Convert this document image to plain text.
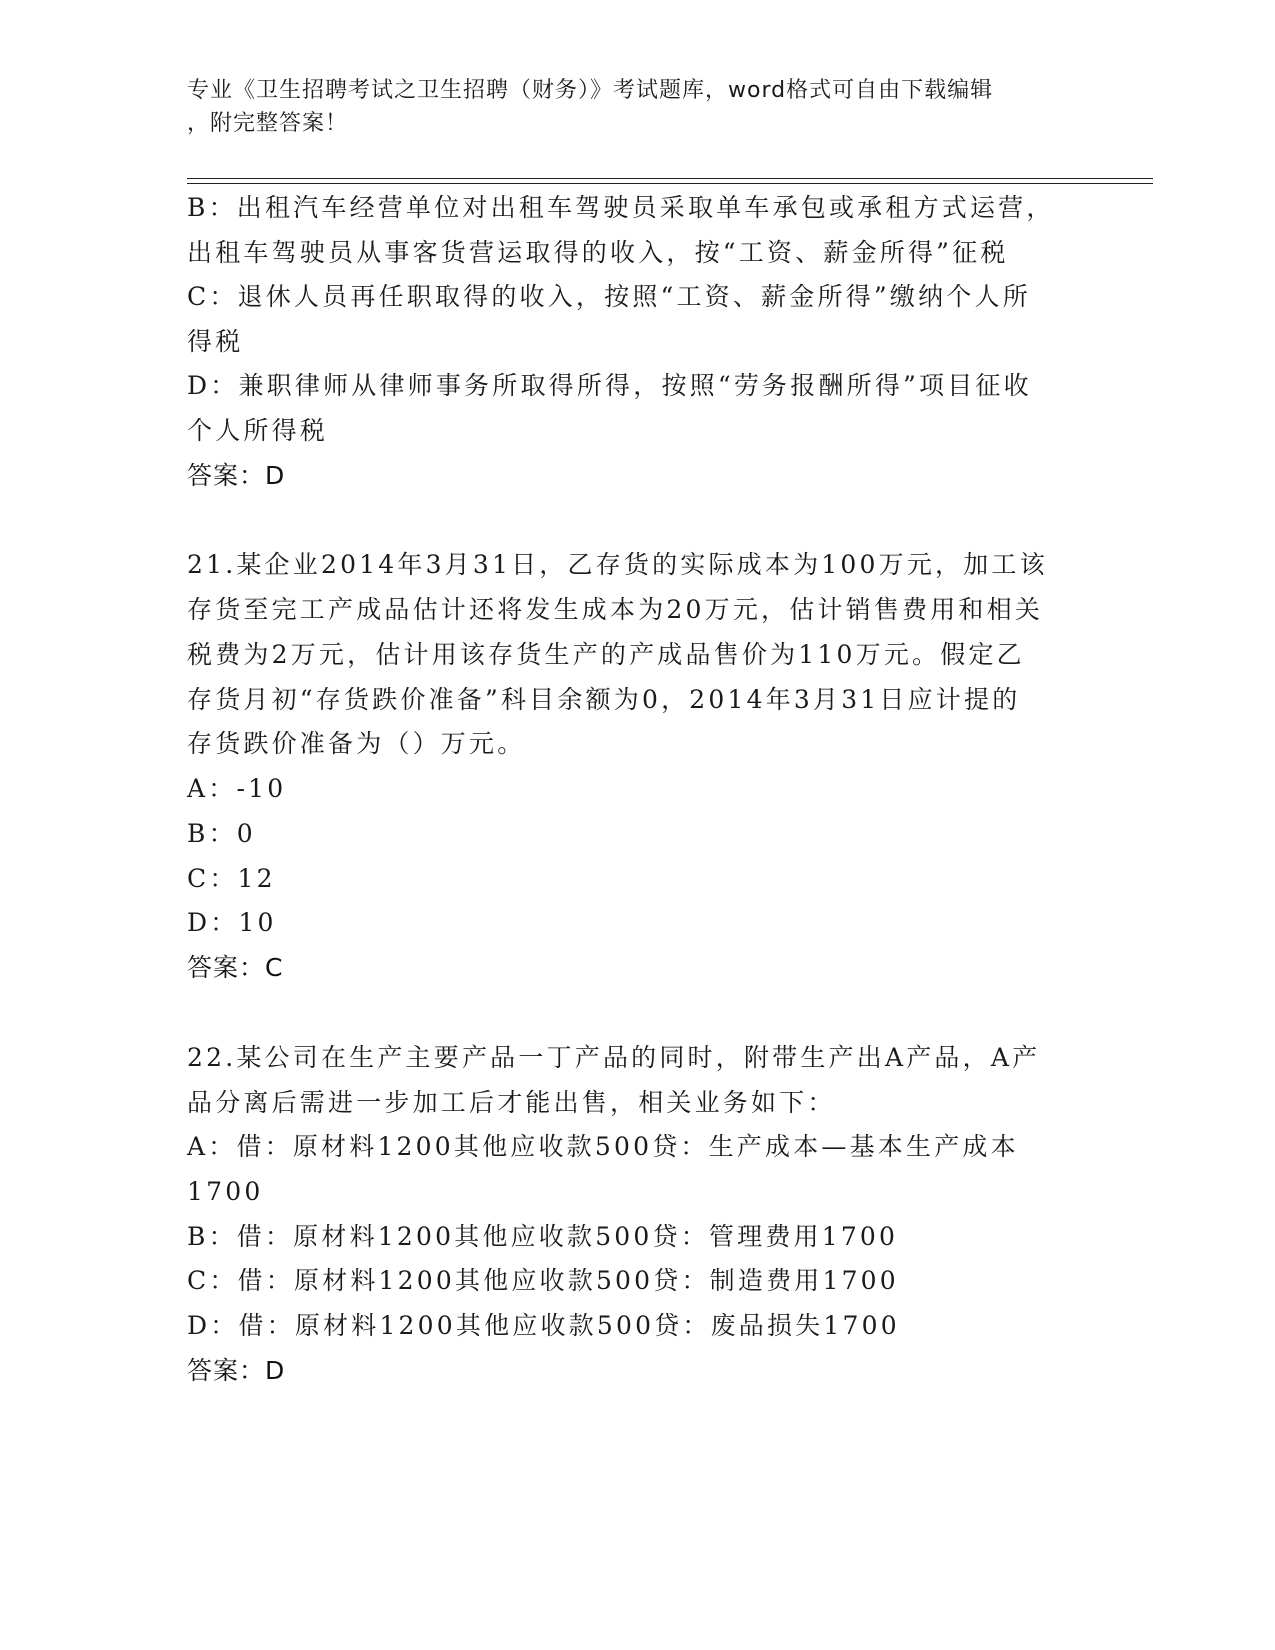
专业《卫生招聘考试之卫生招聘（财务）》考试题库，word格式可自由下载编辑
，附完整答案！
B：出租汽车经营单位对出租车驾驶员采取单车承包或承租方式运营，
出租车驾驶员从事客货营运取得的收入，按“工资、薪金所得”征税
C：退休人员再任职取得的收入，按照“工资、薪金所得”缴纳个人所
得税
D：兼职律师从律师事务所取得所得，按照“劳务报酬所得”项目征收
个人所得税
答案：D
21.某企业2014年3月31日，乙存货的实际成本为100万元，加工该
存货至完工产成品估计还将发生成本为20万元，估计销售费用和相关
税费为2万元，估计用该存货生产的产成品售价为110万元。假定乙
存货月初“存货跌价准备”科目余额为0，2014年3月31日应计提的
存货跌价准备为（）万元。
A：-10
B：0
C：12
D：10
答案：C
22.某公司在生产主要产品一丁产品的同时，附带生产出A产品，A产
品分离后需进一步加工后才能出售，相关业务如下：
A：借：原材料1200其他应收款500贷：生产成本—基本生产成本
1700
B：借：原材料1200其他应收款500贷：管理费用1700
C：借：原材料1200其他应收款500贷：制造费用1700
D：借：原材料1200其他应收款500贷：废品损失1700
答案：D
